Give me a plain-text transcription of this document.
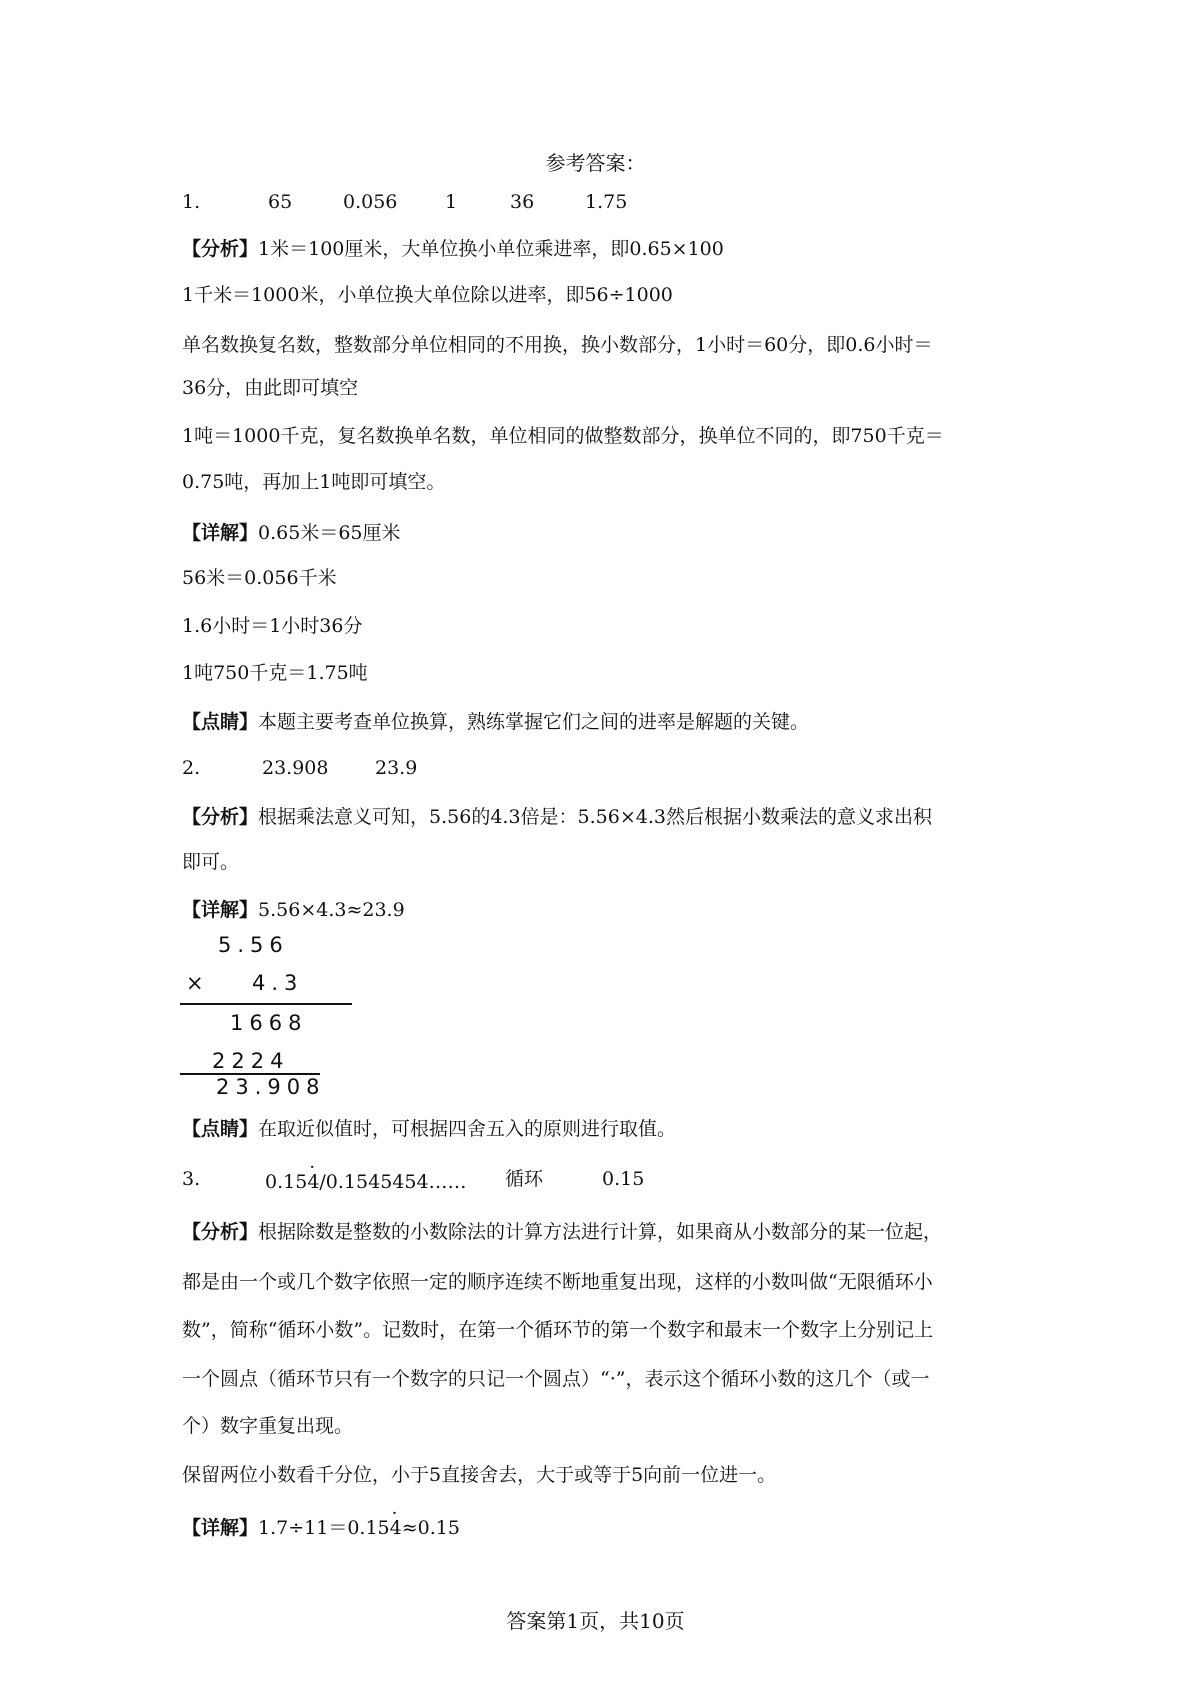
参考答案：
1.	65	0.056	1	36	1.75
【分析】1米＝100厘米，大单位换小单位乘进率，即0.65×100
1千米＝1000米，小单位换大单位除以进率，即56÷1000
单名数换复名数，整数部分单位相同的不用换，换小数部分，1小时＝60分，即0.6小时＝
36分，由此即可填空
1吨＝1000千克，复名数换单名数，单位相同的做整数部分，换单位不同的，即750千克＝
0.75吨，再加上1吨即可填空。
【详解】0.65米＝65厘米
56米＝0.056千米
1.6小时＝1小时36分
1吨750千克＝1.75吨
【点睛】本题主要考查单位换算，熟练掌握它们之间的进率是解题的关键。
2.	23.908 23.9
【分析】根据乘法意义可知，5.56的4.3倍是：5.56×4.3然后根据小数乘法的意义求出积
即可。
【详解】5.56×4.3≈23.9
5.56
× 4.3
1668
2224
23.908
【点睛】在取近似值时，可根据四舍五入的原则进行取值。
3.	0.15· 4/0.1545454…… 循环	0.15
【分析】根据除数是整数的小数除法的计算方法进行计算，如果商从小数部分的某一位起，
都是由一个或几个数字依照一定的顺序连续不断地重复出现，这样的小数叫做“无限循环小
数”，简称“循环小数”。记数时，在第一个循环节的第一个数字和最末一个数字上分别记上
一个圆点（循环节只有一个数字的只记一个圆点）“·”，表示这个循环小数的这几个（或一
个）数字重复出现。
保留两位小数看千分位，小于5直接舍去，大于或等于5向前一位进一。
【详解】1.7÷11＝0.15· 4≈0.15
答案第1页，共10页
